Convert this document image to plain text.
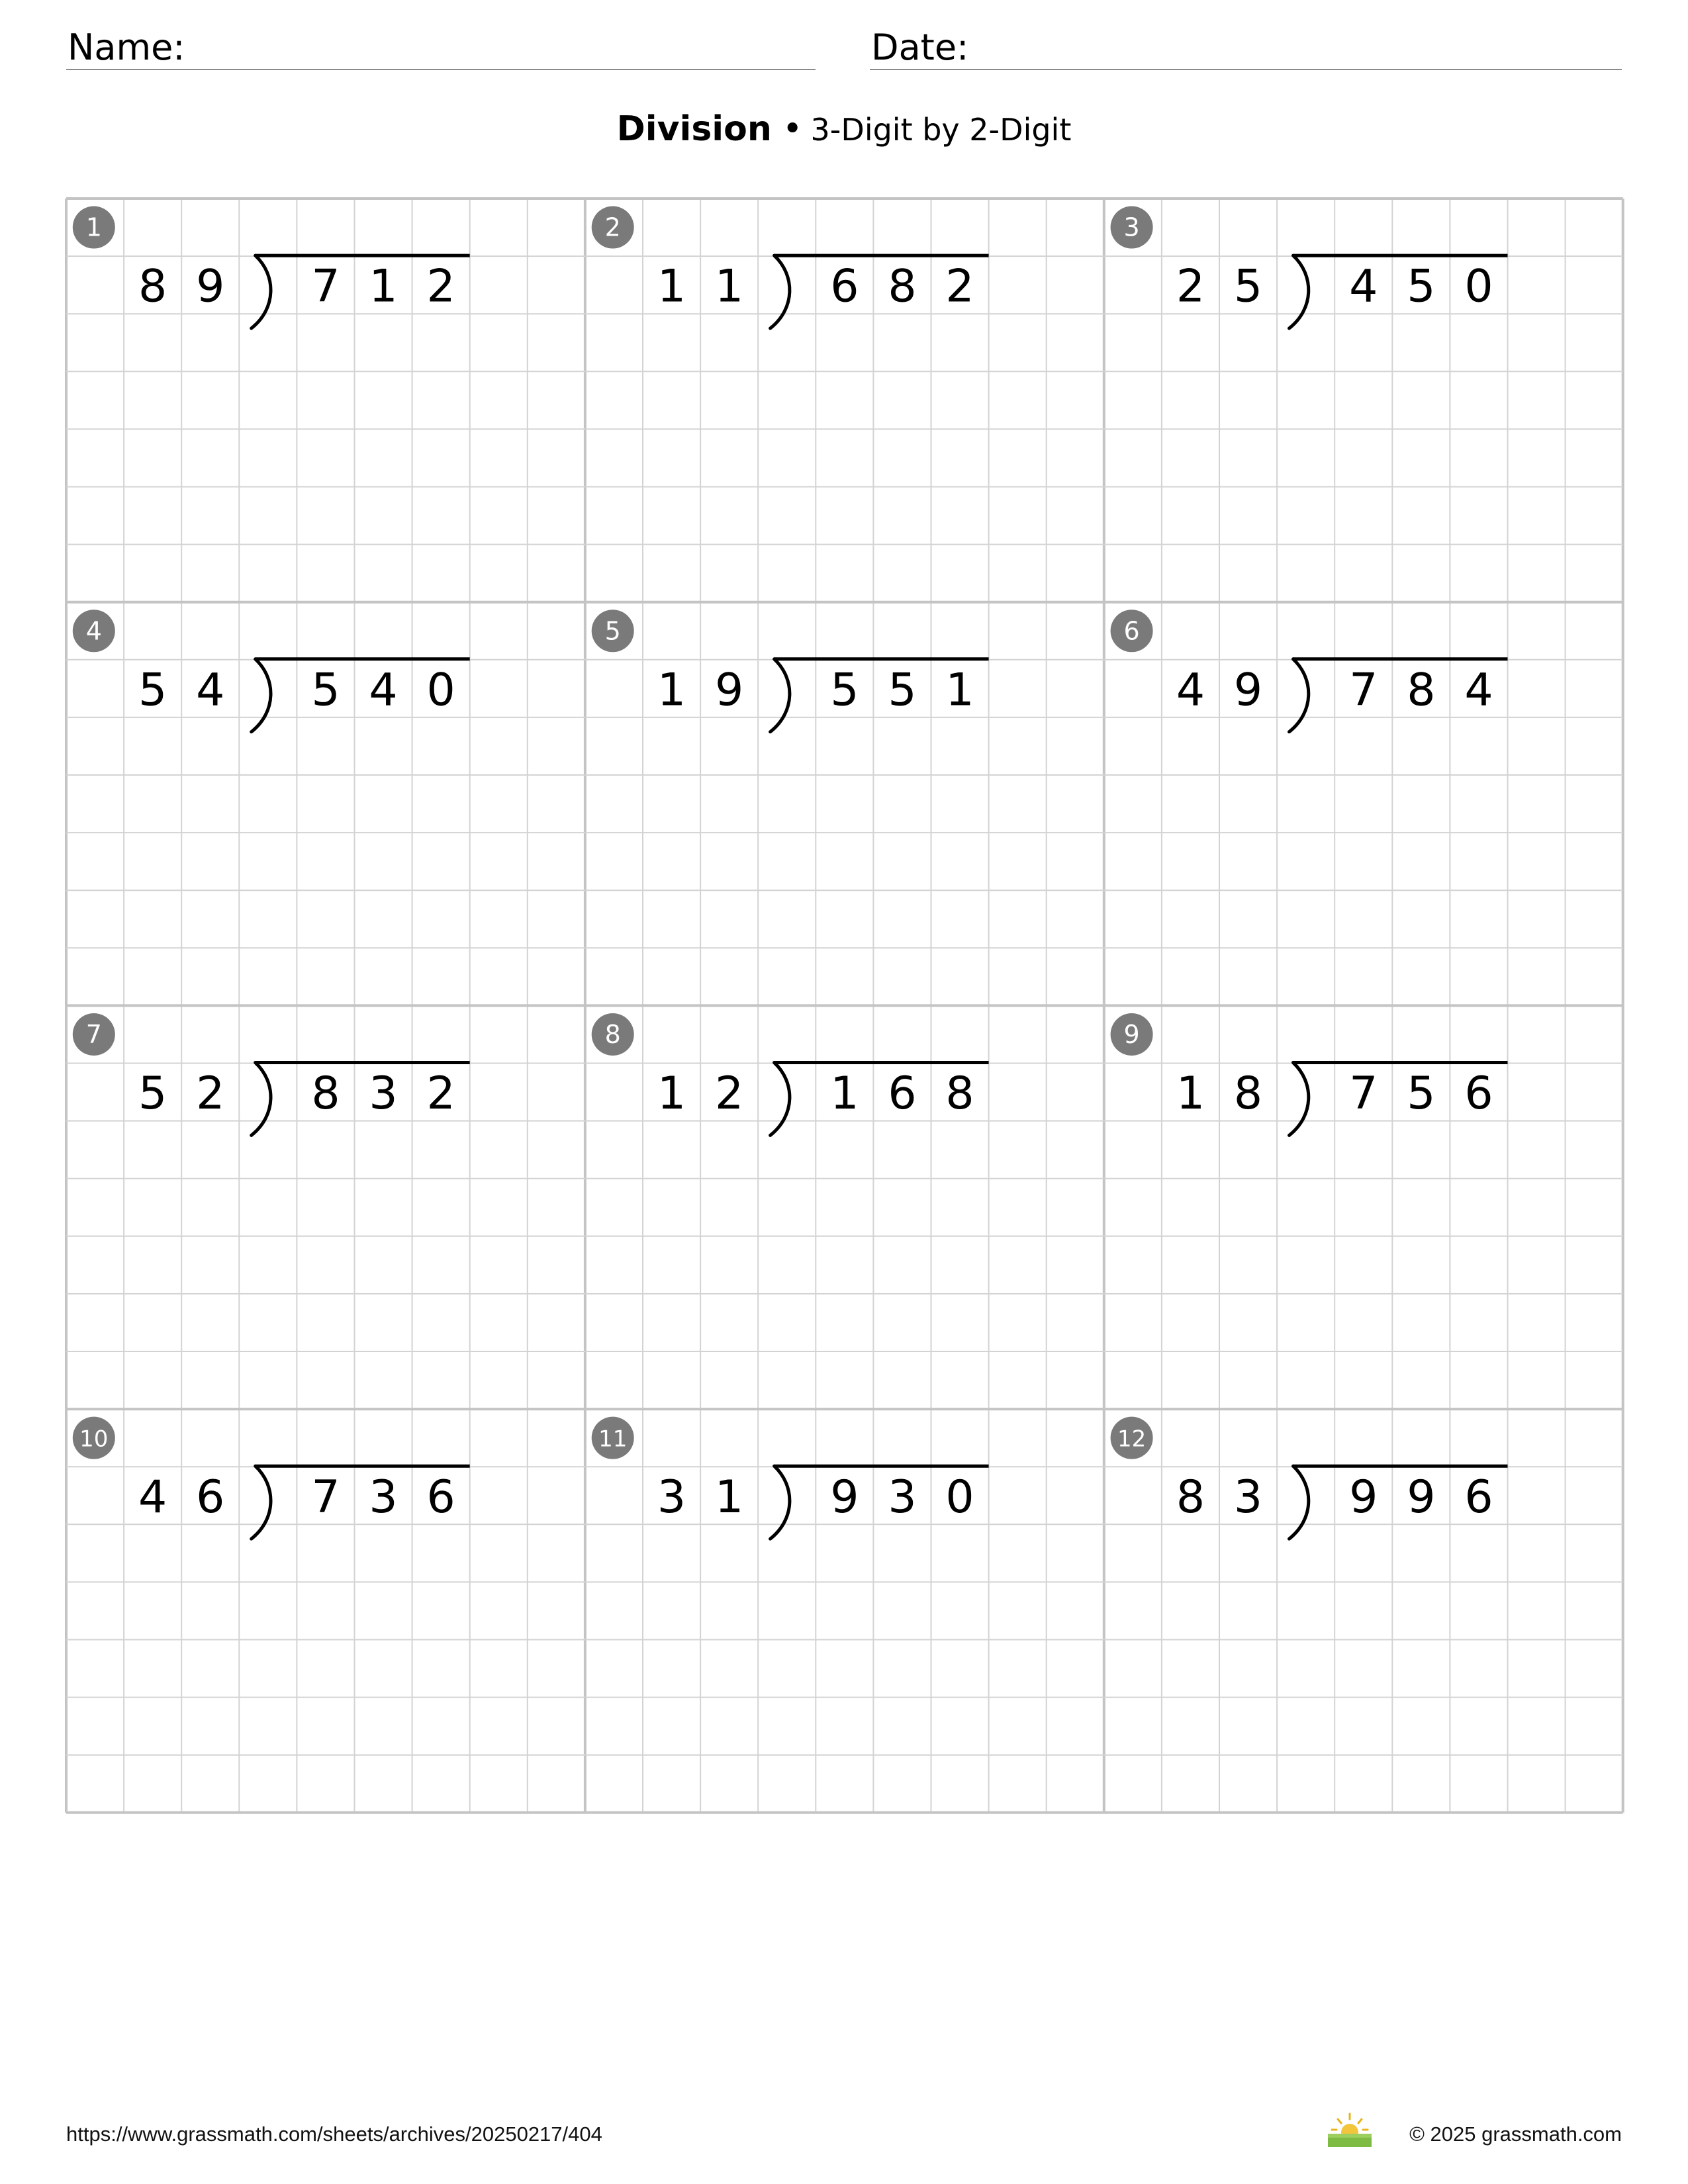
Name:	Date:
Division • 3-Digit by 2-Digit
1
8 9 7 1 2
2
1 1 6 8 2
3
2 5 4 5 0
4
5 4 5 4 0
5
1 9 5 5 1
6
4 9 7 8 4
7
5 2 8 3 2
8
1 2 1 6 8
9
1 8 7 5 6
10
4 6 7 3 6
11
3 1 9 3 0
12
8 3 9 9 6
https://www.grassmath.com/sheets/archives/20250217/404	© 2025 grassmath.com
